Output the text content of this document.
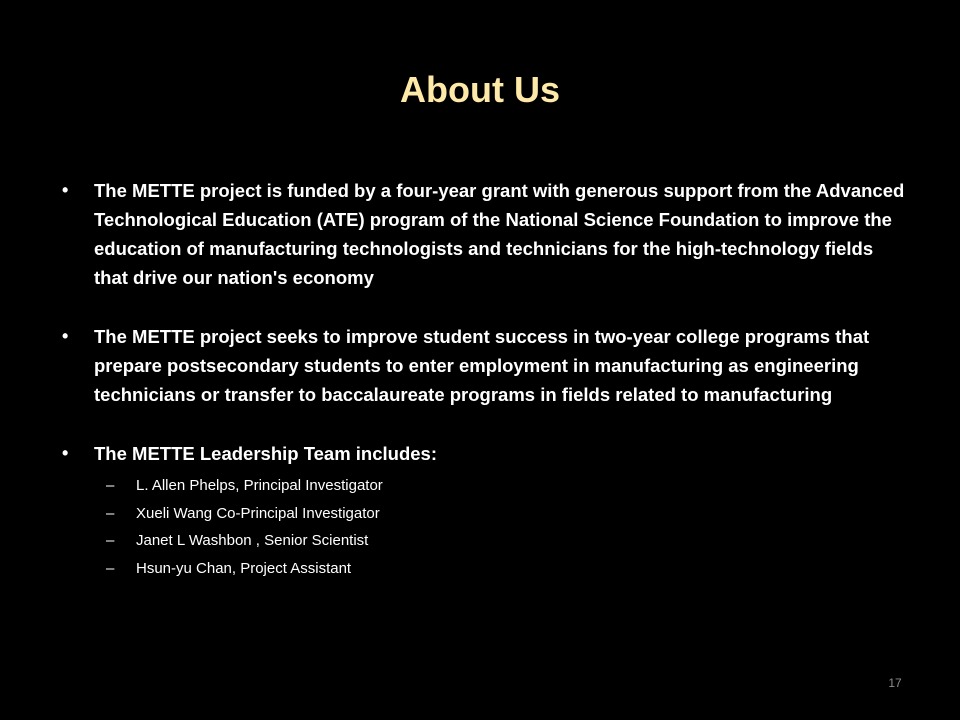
About Us
•	The METTE project is funded by a four-year grant with generous support from the Advanced Technological Education (ATE) program of the National Science Foundation to improve the education of manufacturing technologists and technicians for the high-technology fields that drive our nation's economy
•	The METTE project seeks to improve student success in two-year college programs that prepare postsecondary students to enter employment in manufacturing as engineering technicians or transfer to baccalaureate programs in fields related to manufacturing
•	The METTE Leadership Team includes:
– L. Allen Phelps, Principal Investigator
– Xueli Wang Co-Principal Investigator
– Janet L Washbon , Senior Scientist
– Hsun-yu Chan, Project Assistant
17
